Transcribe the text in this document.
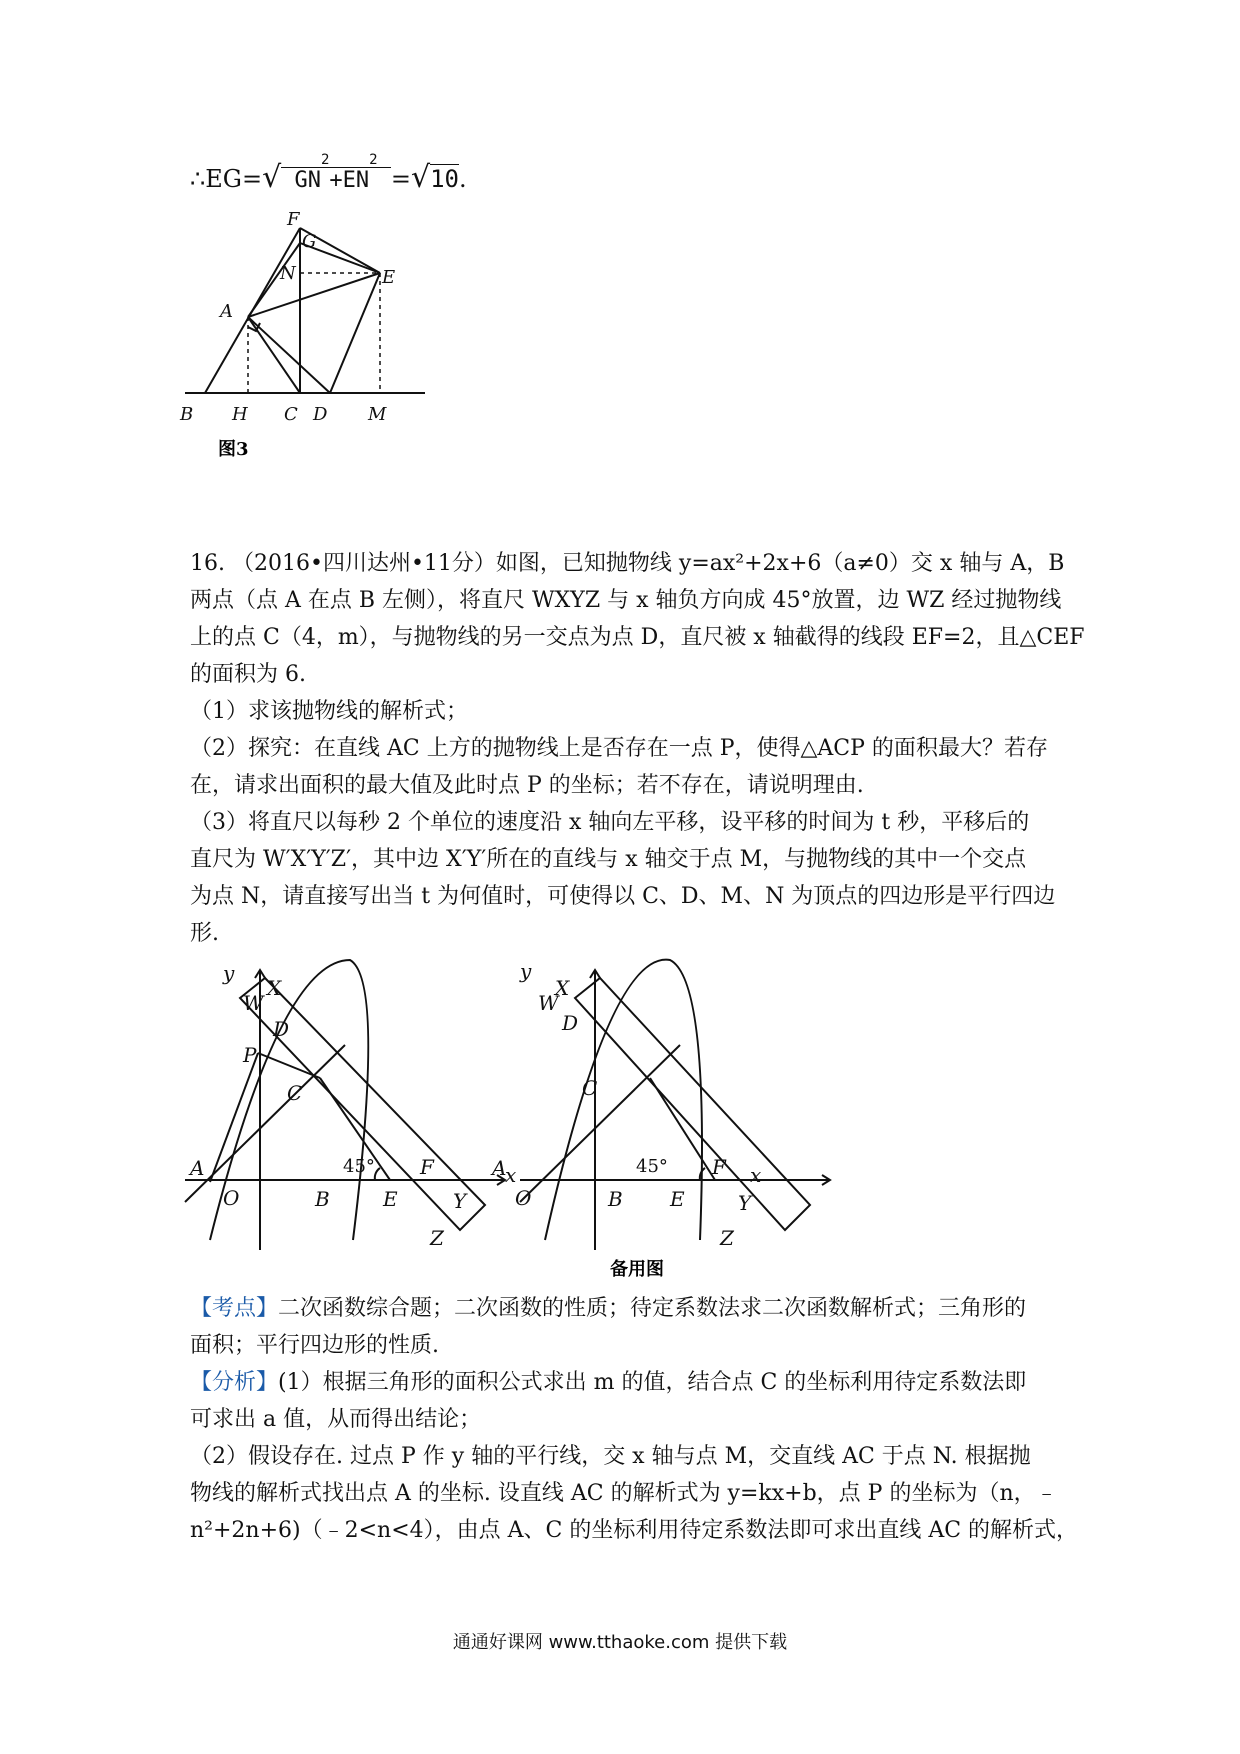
∴EG=√ $GN^2+EN^2 =√10$.
F
G
N	E
A
B H C D M
图3
16. （2016•四川达州•11分）如图，已知抛物线 y=ax²+2x+6（a≠0）交 x 轴与 A，B
两点（点 A 在点 B 左侧），将直尺 WXYZ 与 x 轴负方向成 45°放置，边 WZ 经过抛物线
上的点 C（4，m），与抛物线的另一交点为点 D，直尺被 x 轴截得的线段 EF=2，且△CEF
的面积为 6.
（1）求该抛物线的解析式；
（2）探究：在直线 AC 上方的抛物线上是否存在一点 P，使得△ACP 的面积最大？若存
在，请求出面积的最大值及此时点 P 的坐标；若不存在，请说明理由.
（3）将直尺以每秒 2 个单位的速度沿 x 轴向左平移，设平移的时间为 t 秒，平移后的
直尺为 W′X′Y′Z′，其中边 X′Y′所在的直线与 x 轴交于点 M，与抛物线的其中一个交点
为点 N，请直接写出当 t 为何值时，可使得以 C、D、M、N 为顶点的四边形是平行四边
形.
y
X
W
D
P
C
A
O	B
45°
E
F	x
Y
Z
y
X
W
D
C
A
O	B
45°
E
F x
Y
Z
备用图
【考点】二次函数综合题；二次函数的性质；待定系数法求二次函数解析式；三角形的
面积；平行四边形的性质.
【分析】(1）根据三角形的面积公式求出 m 的值，结合点 C 的坐标利用待定系数法即
可求出 a 值，从而得出结论；
（2）假设存在. 过点 P 作 y 轴的平行线，交 x 轴与点 M，交直线 AC 于点 N. 根据抛
物线的解析式找出点 A 的坐标. 设直线 AC 的解析式为 y=kx+b，点 P 的坐标为（n，﹣
n²+2n+6)（﹣2<n<4），由点 A、C 的坐标利用待定系数法即可求出直线 AC 的解析式，
通通好课网 www.tthaoke.com 提供下载
